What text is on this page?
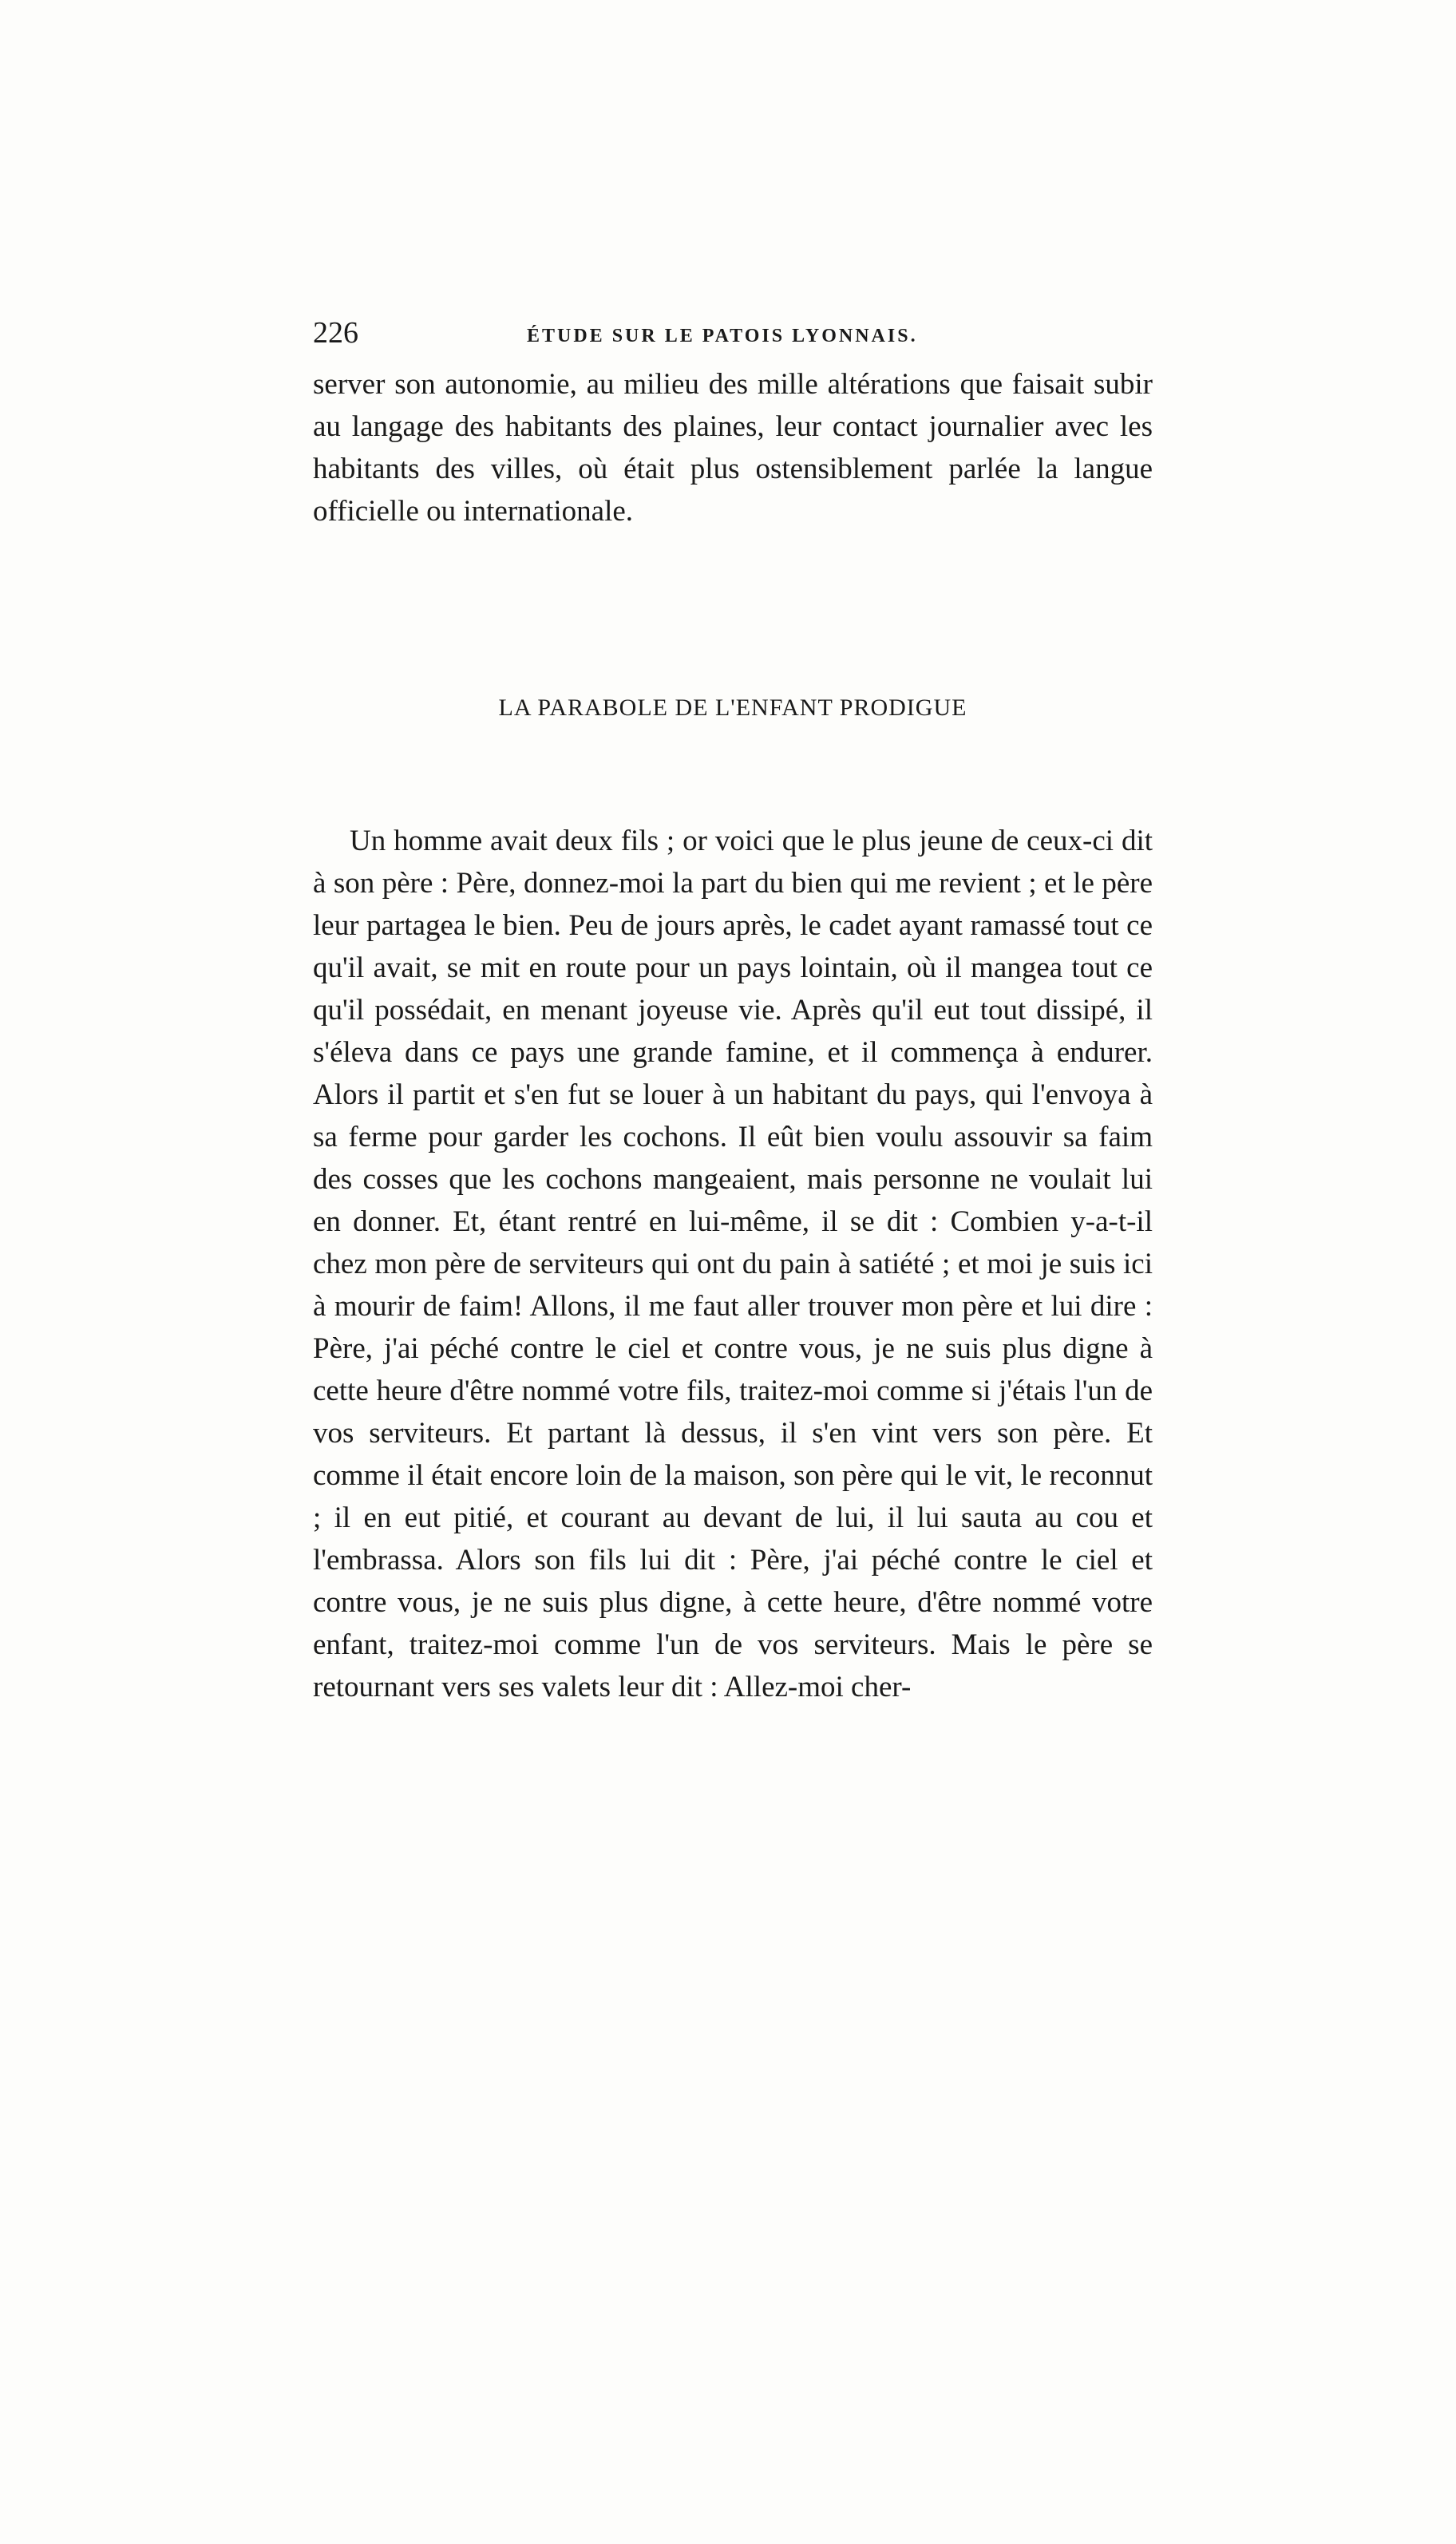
226	ÉTUDE SUR LE PATOIS LYONNAIS.

server son autonomie, au milieu des mille altérations que faisait subir au langage des habitants des plaines, leur contact journalier avec les habitants des villes, où était plus ostensiblement parlée la langue officielle ou internationale.

LA PARABOLE DE L'ENFANT PRODIGUE

Un homme avait deux fils ; or voici que le plus jeune de ceux-ci dit à son père : Père, donnez-moi la part du bien qui me revient ; et le père leur partagea le bien. Peu de jours après, le cadet ayant ramassé tout ce qu'il avait, se mit en route pour un pays lointain, où il mangea tout ce qu'il possédait, en menant joyeuse vie. Après qu'il eut tout dissipé, il s'éleva dans ce pays une grande famine, et il commença à endurer. Alors il partit et s'en fut se louer à un habitant du pays, qui l'envoya à sa ferme pour garder les cochons. Il eût bien voulu assouvir sa faim des cosses que les cochons mangeaient, mais personne ne voulait lui en donner. Et, étant rentré en lui-même, il se dit : Combien y-a-t-il chez mon père de serviteurs qui ont du pain à satiété ; et moi je suis ici à mourir de faim! Allons, il me faut aller trouver mon père et lui dire : Père, j'ai péché contre le ciel et contre vous, je ne suis plus digne à cette heure d'être nommé votre fils, traitez-moi comme si j'étais l'un de vos serviteurs. Et partant là dessus, il s'en vint vers son père. Et comme il était encore loin de la maison, son père qui le vit, le reconnut ; il en eut pitié, et courant au devant de lui, il lui sauta au cou et l'embrassa. Alors son fils lui dit : Père, j'ai péché contre le ciel et contre vous, je ne suis plus digne, à cette heure, d'être nommé votre enfant, traitez-moi comme l'un de vos serviteurs. Mais le père se retournant vers ses valets leur dit : Allez-moi cher-
